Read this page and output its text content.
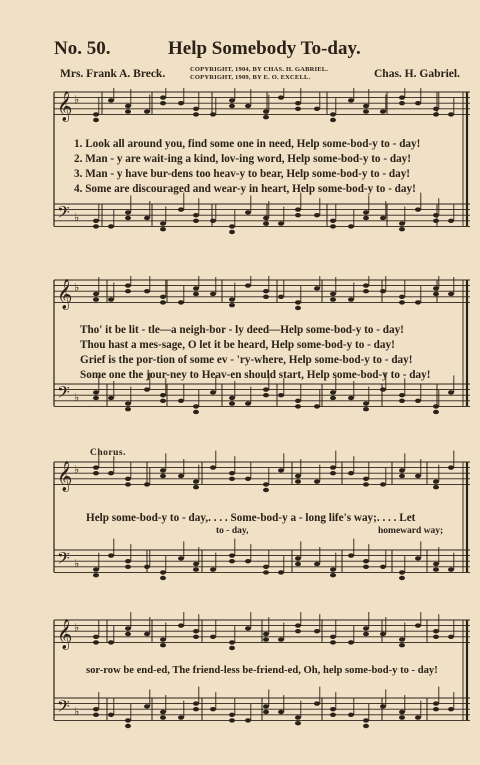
No. 50.	Help Somebody To-day.
Mrs. Frank A. Breck.	COPYRIGHT, 1904, BY CHAS. H. GABRIEL.
COPYRIGHT, 1909, BY E. O. EXCELL.	Chas. H. Gabriel.
𝄞 ♭
𝄢 ♭
1. Look all around you, find some one in need, Help some-bod-y to - day!
2. Man - y are wait-ing a kind, lov-ing word, Help some-bod-y to - day!
3. Man - y have bur-dens too heav-y to bear, Help some-bod-y to - day!
4. Some are discouraged and wear-y in heart, Help some-bod-y to - day!
𝄞 ♭
𝄢 ♭
Tho' it be lit - tle—a neigh-bor - ly deed—Help some-bod-y to - day!
Thou hast a mes-sage, O let it be heard, Help some-bod-y to - day!
Grief is the por-tion of some ev - 'ry-where, Help some-bod-y to - day!
Some one the jour-ney to Heav-en should start, Help some-bod-y to - day!
Chorus.
𝄞 ♭
𝄢 ♭
Help some-bod-y to - day,. . . . Some-bod-y a - long life's way;. . . . Let
to - day,	homeward way;
𝄞 ♭
𝄢 ♭
sor-row be end-ed, The friend-less be-friend-ed, Oh, help some-bod-y to - day!
